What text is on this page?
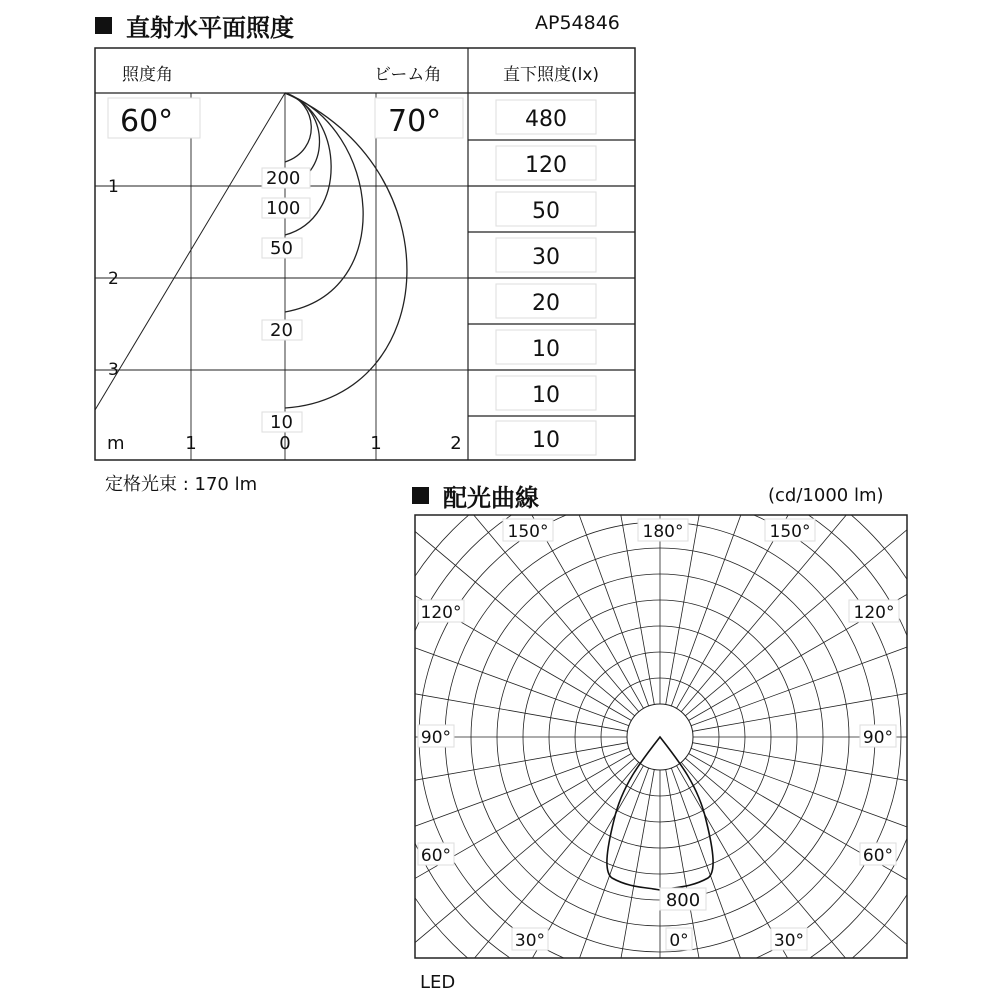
直射水平面照度	AP54846
定格光束 : 170 lm	配光曲線	(cd/1000 lm)
LED
照度角	ビーム角	直下照度(lx)
60°	70°	480
120
50
30
20
10
10
10
1
2
3
200
100
50
20
10
m	1	0	1	2
150°	180°	150°
120°	120°
90°	90°
60°	60°
30°	0°	30°
800
